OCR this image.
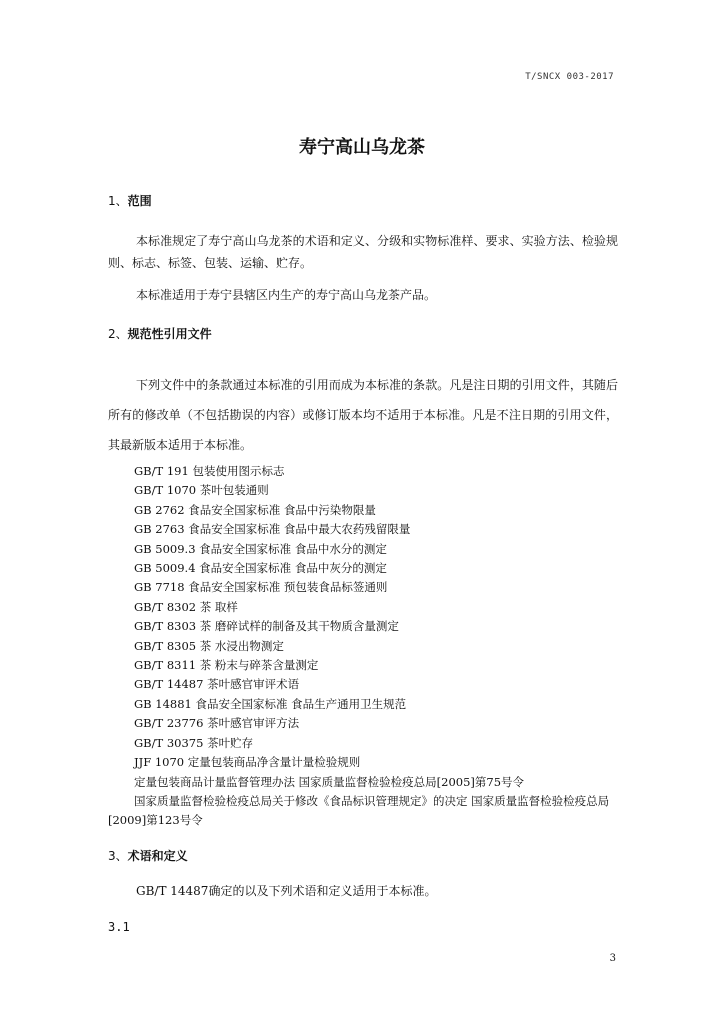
T/SNCX 003-2017
寿宁高山乌龙茶
1、范围
本标准规定了寿宁高山乌龙茶的术语和定义、分级和实物标准样、要求、实验方法、检验规则、标志、标签、包装、运输、贮存。
本标准适用于寿宁县辖区内生产的寿宁高山乌龙茶产品。
2、规范性引用文件
下列文件中的条款通过本标准的引用而成为本标准的条款。凡是注日期的引用文件，其随后所有的修改单（不包括勘误的内容）或修订版本均不适用于本标准。凡是不注日期的引用文件，其最新版本适用于本标准。
GB/T 191 包装使用图示标志
GB/T 1070 茶叶包装通则
GB 2762 食品安全国家标准 食品中污染物限量
GB 2763 食品安全国家标准 食品中最大农药残留限量
GB 5009.3 食品安全国家标准 食品中水分的测定
GB 5009.4 食品安全国家标准 食品中灰分的测定
GB 7718 食品安全国家标准 预包装食品标签通则
GB/T 8302 茶 取样
GB/T 8303 茶 磨碎试样的制备及其干物质含量测定
GB/T 8305 茶 水浸出物测定
GB/T 8311 茶 粉末与碎茶含量测定
GB/T 14487 茶叶感官审评术语
GB 14881 食品安全国家标准 食品生产通用卫生规范
GB/T 23776 茶叶感官审评方法
GB/T 30375 茶叶贮存
JJF 1070 定量包装商品净含量计量检验规则
定量包装商品计量监督管理办法 国家质量监督检验检疫总局[2005]第75号令
国家质量监督检验检疫总局关于修改《食品标识管理规定》的决定 国家质量监督检验检疫总局[2009]第123号令
3、术语和定义
GB/T 14487确定的以及下列术语和定义适用于本标准。
3.1
3
